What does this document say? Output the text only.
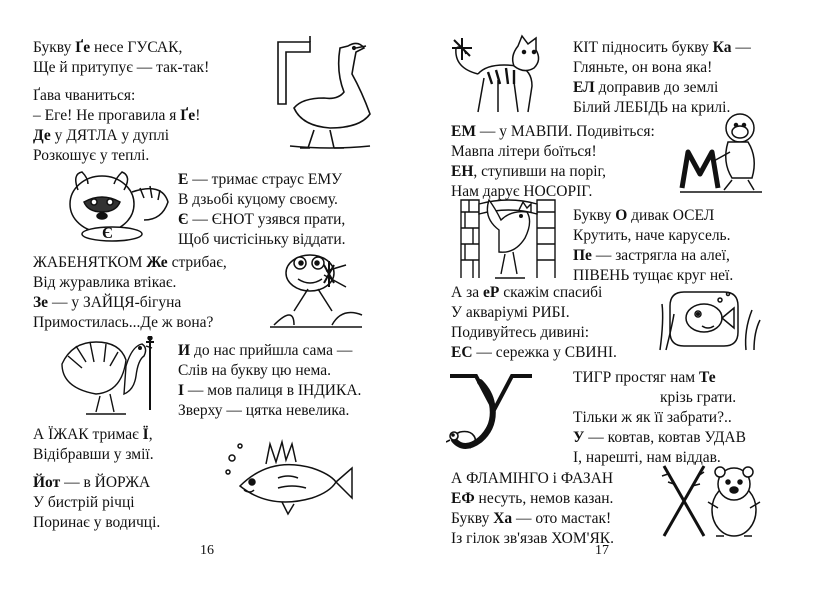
Букву Ґе несе ГУСАК,
Ще й притупує — так-так!
Ґава чваниться:
– Еге! Не прогавила я Ґе!
Де у ДЯТЛА у дуплі
Розкошує у теплі.
Е — тримає страус ЕМУ
В дзьобі куцому своєму.
Є — ЄНОТ узявся прати,
Щоб чистісіньку віддати.
ЖАБЕНЯТКОМ Же стрибає,
Від журавлика втікає.
Зе — у ЗАЙЦЯ-бігуна
Примостилась...Де ж вона?
И до нас прийшла сама —
Слів на букву цю нема.
І — мов палиця в ІНДИКА.
Зверху — цятка невелика.
А ЇЖАК тримає Ї,
Відібравши у змії.
Йот — в ЙОРЖА
У бистрій річці
Поринає у водичці.
16
КІТ підносить букву Ка —
Гляньте, он вона яка!
ЕЛ доправив до землі
Білий ЛЕБІДЬ на крилі.
ЕМ — у МАВПИ. Подивіться:
Мавпа літери боїться!
ЕН, ступивши на поріг,
Нам дарує НОСОРІГ.
Букву О дивак ОСЕЛ
Крутить, наче карусель.
Пе — застрягла на алеї,
ПІВЕНЬ тущає круг неї.
А за еР скажім спасибі
У акваріумі РИБІ.
Подивуйтесь дивині:
ЕС — сережка у СВИНІ.
ТИГР простяг нам Те
крізь грати.
Тільки ж як її забрати?..
У — ковтав, ковтав УДАВ
І, нарешті, нам віддав.
А ФЛАМІНГО і ФАЗАН
ЕФ несуть, немов казан.
Букву Ха — ото мастак!
Із гілок зв'язав ХОМ'ЯК.
17
Є
